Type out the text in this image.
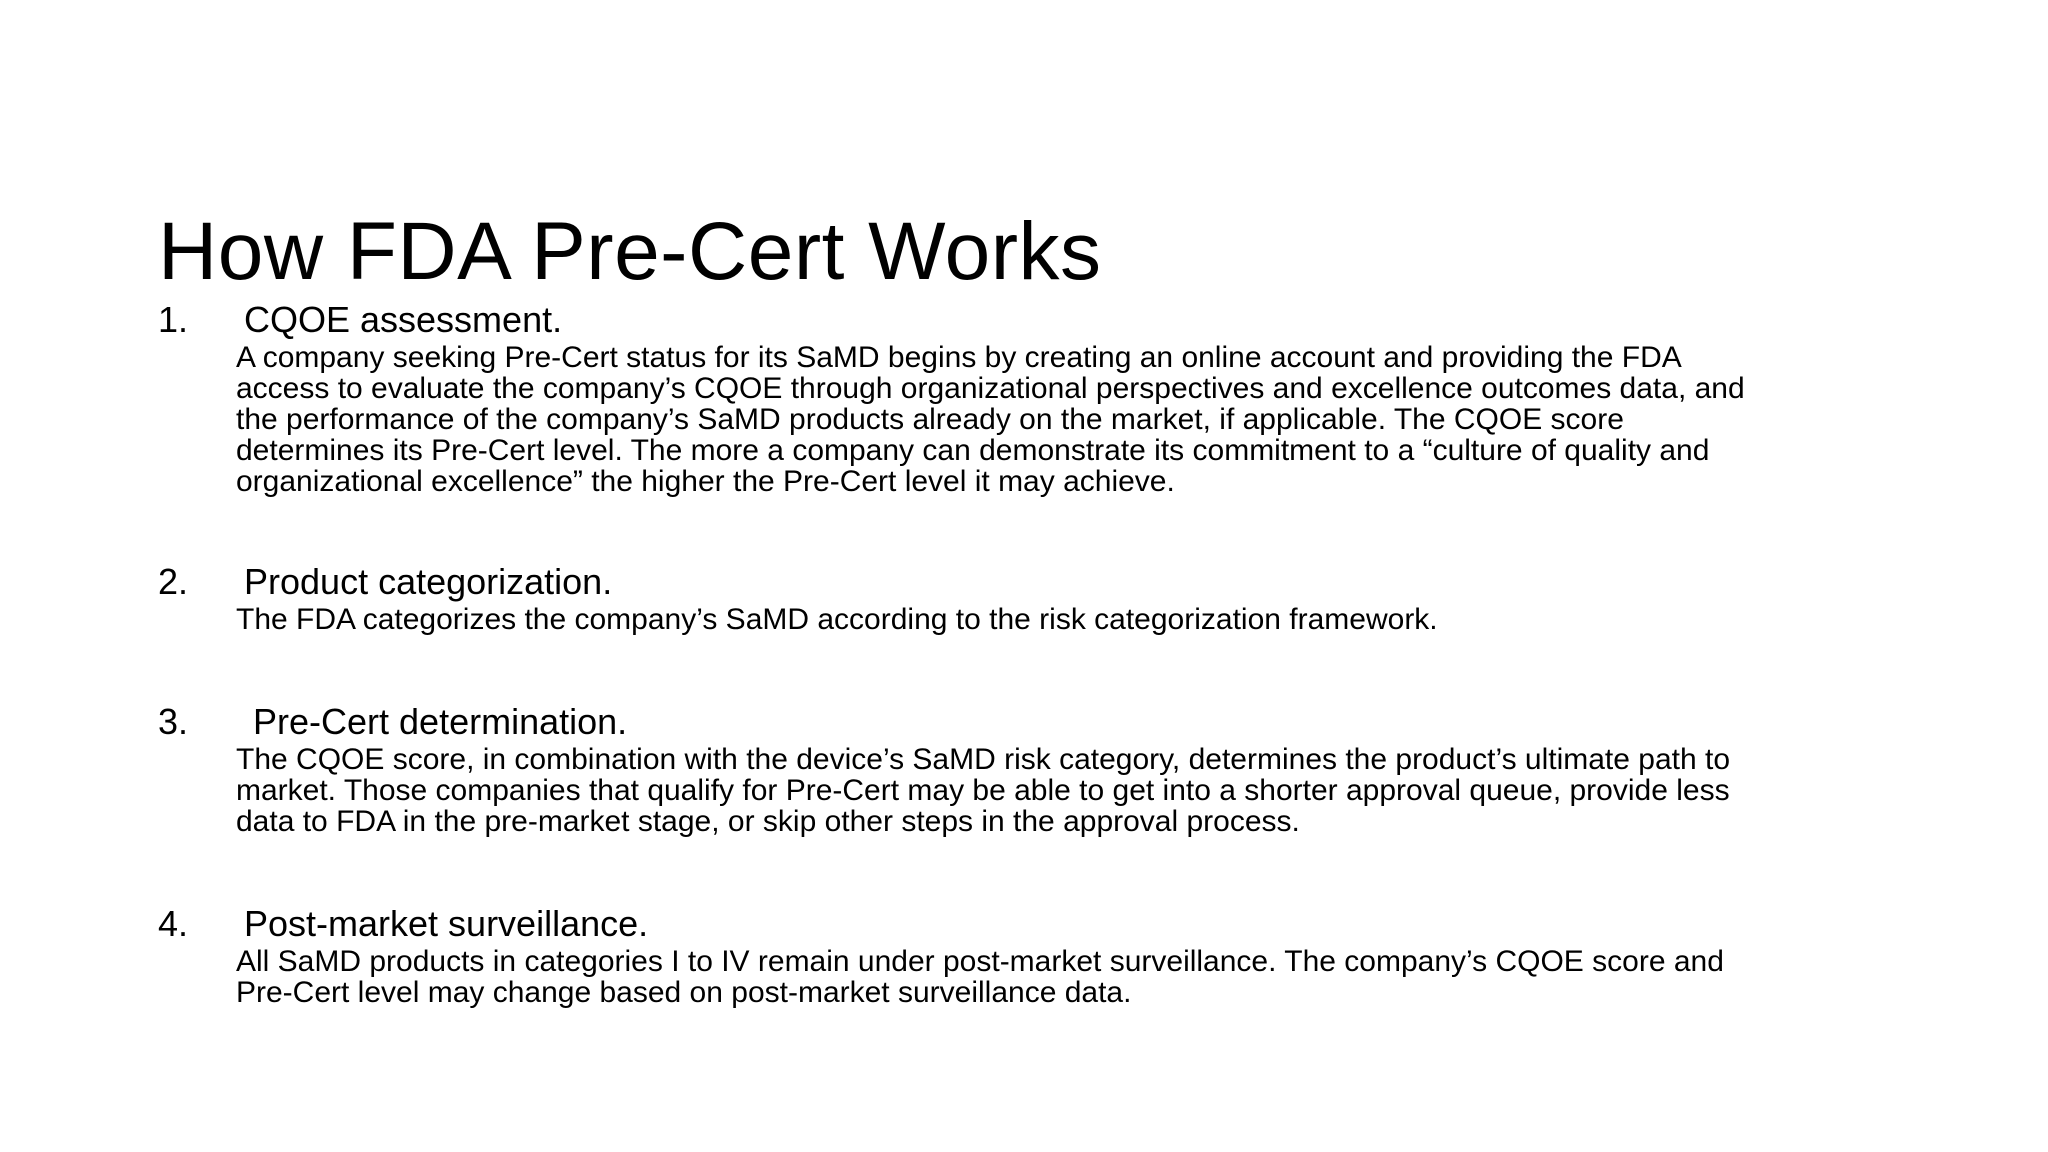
How FDA Pre-Cert Works
1. CQOE assessment.
A company seeking Pre-Cert status for its SaMD begins by creating an online account and providing the FDA
access to evaluate the company’s CQOE through organizational perspectives and excellence outcomes data, and
the performance of the company’s SaMD products already on the market, if applicable. The CQOE score
determines its Pre-Cert level. The more a company can demonstrate its commitment to a “culture of quality and
organizational excellence” the higher the Pre-Cert level it may achieve.
2. Product categorization.
The FDA categorizes the company’s SaMD according to the risk categorization framework.
3. Pre-Cert determination.
The CQOE score, in combination with the device’s SaMD risk category, determines the product’s ultimate path to
market. Those companies that qualify for Pre-Cert may be able to get into a shorter approval queue, provide less
data to FDA in the pre-market stage, or skip other steps in the approval process.
4. Post-market surveillance.
All SaMD products in categories I to IV remain under post-market surveillance. The company’s CQOE score and
Pre-Cert level may change based on post-market surveillance data.
